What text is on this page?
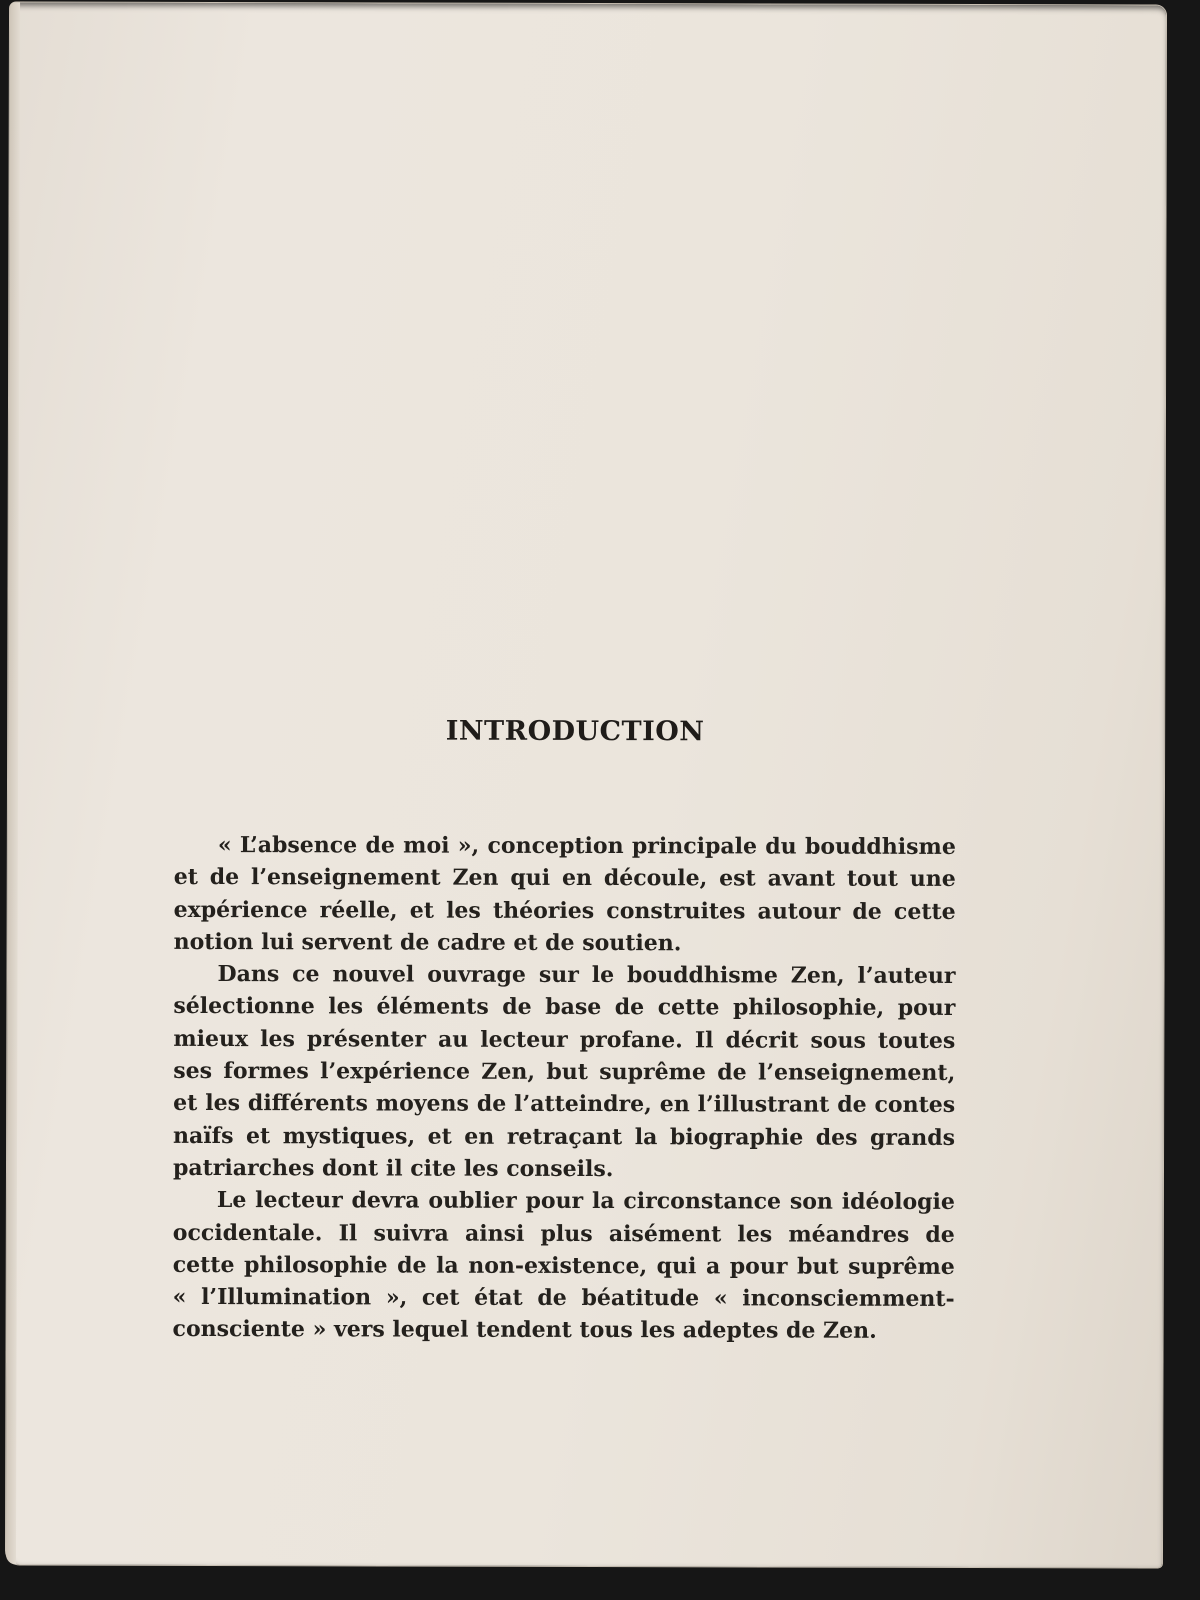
INTRODUCTION

« L’absence de moi », conception principale du bouddhisme et de l’enseignement Zen qui en découle, est avant tout une expérience réelle, et les théories construites autour de cette notion lui servent de cadre et de soutien.

Dans ce nouvel ouvrage sur le bouddhisme Zen, l’auteur sélectionne les éléments de base de cette philosophie, pour mieux les présenter au lecteur profane. Il décrit sous toutes ses formes l’expérience Zen, but suprême de l’enseignement, et les différents moyens de l’atteindre, en l’illustrant de contes naïfs et mystiques, et en retraçant la biographie des grands patriarches dont il cite les conseils.

Le lecteur devra oublier pour la circonstance son idéologie occidentale. Il suivra ainsi plus aisément les méandres de cette philosophie de la non-existence, qui a pour but suprême « l’Illumination », cet état de béatitude « inconsciemment-consciente » vers lequel tendent tous les adeptes de Zen.
